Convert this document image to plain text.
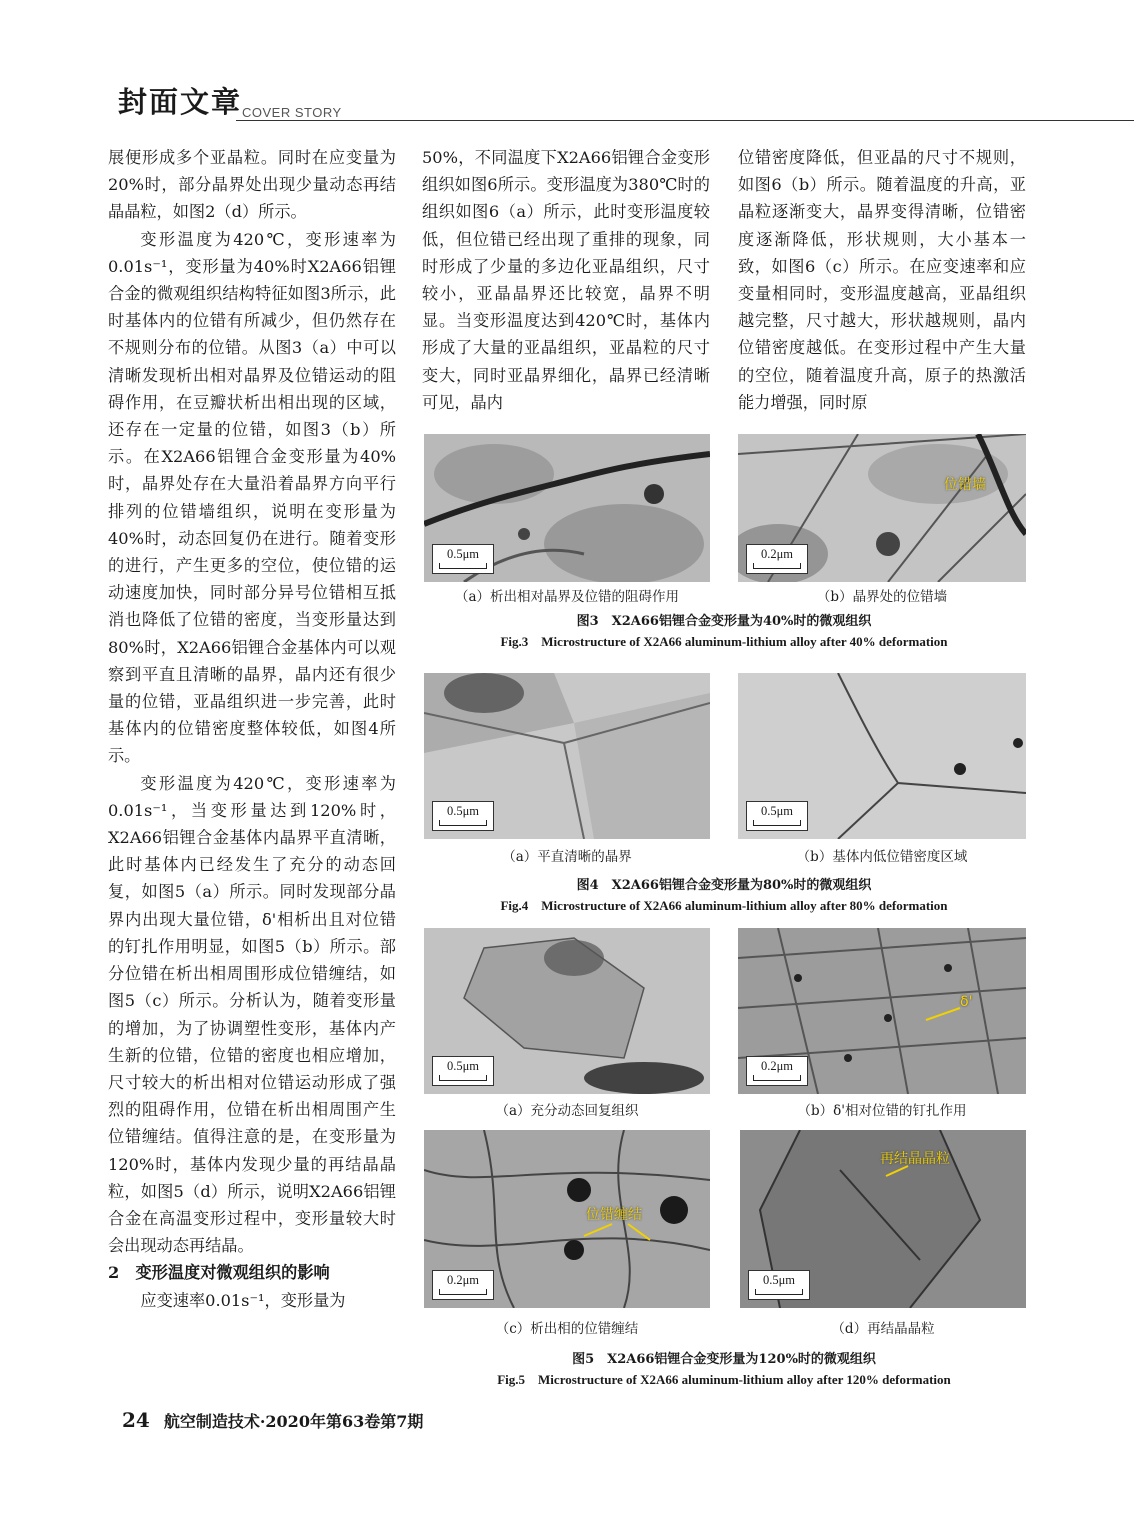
封面文章 COVER STORY

展便形成多个亚晶粒。同时在应变量为20%时，部分晶界处出现少量动态再结晶晶粒，如图2（d）所示。

变形温度为420℃，变形速率为0.01s⁻¹，变形量为40%时X2A66铝锂合金的微观组织结构特征如图3所示，此时基体内的位错有所减少，但仍然存在不规则分布的位错。从图3（a）中可以清晰发现析出相对晶界及位错运动的阻碍作用，在豆瓣状析出相出现的区域，还存在一定量的位错，如图3（b）所示。在X2A66铝锂合金变形量为40%时，晶界处存在大量沿着晶界方向平行排列的位错墙组织，说明在变形量为40%时，动态回复仍在进行。随着变形的进行，产生更多的空位，使位错的运动速度加快，同时部分异号位错相互抵消也降低了位错的密度，当变形量达到80%时，X2A66铝锂合金基体内可以观察到平直且清晰的晶界，晶内还有很少量的位错，亚晶组织进一步完善，此时基体内的位错密度整体较低，如图4所示。

变形温度为420℃，变形速率为0.01s⁻¹，当变形量达到120%时，X2A66铝锂合金基体内晶界平直清晰，此时基体内已经发生了充分的动态回复，如图5（a）所示。同时发现部分晶界内出现大量位错，δ'相析出且对位错的钉扎作用明显，如图5（b）所示。部分位错在析出相周围形成位错缠结，如图5（c）所示。分析认为，随着变形量的增加，为了协调塑性变形，基体内产生新的位错，位错的密度也相应增加，尺寸较大的析出相对位错运动形成了强烈的阻碍作用，位错在析出相周围产生位错缠结。值得注意的是，在变形量为120%时，基体内发现少量的再结晶晶粒，如图5（d）所示，说明X2A66铝锂合金在高温变形过程中，变形量较大时会出现动态再结晶。

2　变形温度对微观组织的影响

应变速率0.01s⁻¹，变形量为

50%，不同温度下X2A66铝锂合金变形组织如图6所示。变形温度为380℃时的组织如图6（a）所示，此时变形温度较低，但位错已经出现了重排的现象，同时形成了少量的多边化亚晶组织，尺寸较小，亚晶晶界还比较宽，晶界不明显。当变形温度达到420℃时，基体内形成了大量的亚晶组织，亚晶粒的尺寸变大，同时亚晶界细化，晶界已经清晰可见，晶内

位错密度降低，但亚晶的尺寸不规则，如图6（b）所示。随着温度的升高，亚晶粒逐渐变大，晶界变得清晰，位错密度逐渐降低，形状规则，大小基本一致，如图6（c）所示。在应变速率和应变量相同时，变形温度越高，亚晶组织越完整，尺寸越大，形状越规则，晶内位错密度越低。在变形过程中产生大量的空位，随着温度升高，原子的热激活能力增强，同时原

0.5μm
位错墙
0.2μm
（a）析出相对晶界及位错的阻碍作用	（b）晶界处的位错墙
图3　X2A66铝锂合金变形量为40%时的微观组织
Fig.3　Microstructure of X2A66 aluminum-lithium alloy after 40% deformation
0.5μm	0.5μm
（a）平直清晰的晶界	（b）基体内低位错密度区域
图4　X2A66铝锂合金变形量为80%时的微观组织
Fig.4　Microstructure of X2A66 aluminum-lithium alloy after 80% deformation
0.5μm
δ'
0.2μm
（a）充分动态回复组织	（b）δ'相对位错的钉扎作用
位错缠结
0.2μm
再结晶晶粒
0.5μm
（c）析出相的位错缠结	（d）再结晶晶粒
图5　X2A66铝锂合金变形量为120%时的微观组织
Fig.5　Microstructure of X2A66 aluminum-lithium alloy after 120% deformation
24 航空制造技术·2020年第63卷第7期
